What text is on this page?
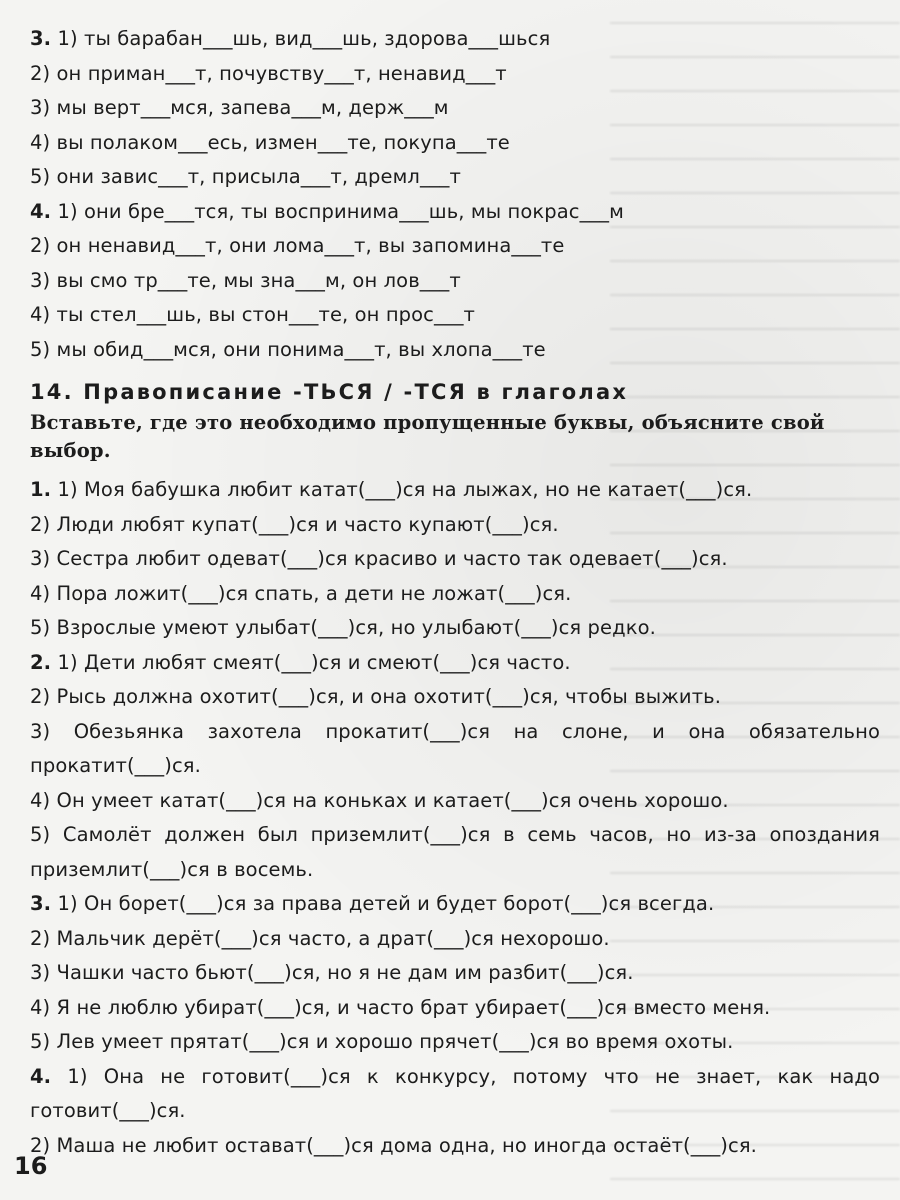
3. 1) ты барабан___шь, вид___шь, здорова___шься
2) он приман___т, почувству___т, ненавид___т
3) мы верт___мся, запева___м, держ___м
4) вы полаком___есь, измен___те, покупа___те
5) они завис___т, присыла___т, дремл___т
4. 1) они бре___тся, ты воспринима___шь, мы покрас___м
2) он ненавид___т, они лома___т, вы запомина___те
3) вы смо тр___те, мы зна___м, он лов___т
4) ты стел___шь, вы стон___те, он прос___т
5) мы обид___мся, они понима___т, вы хлопа___те
14. Правописание -ТЬСЯ / -ТСЯ в глаголах
Вставьте, где это необходимо пропущенные буквы, объясните свой выбор.
1. 1) Моя бабушка любит катат(___)ся на лыжах, но не катает(___)ся.
2) Люди любят купат(___)ся и часто купают(___)ся.
3) Сестра любит одеват(___)ся красиво и часто так одевает(___)ся.
4) Пора ложит(___)ся спать, а дети не ложат(___)ся.
5) Взрослые умеют улыбат(___)ся, но улыбают(___)ся редко.
2. 1) Дети любят смеят(___)ся и смеют(___)ся часто.
2) Рысь должна охотит(___)ся, и она охотит(___)ся, чтобы выжить.
3) Обезьянка захотела прокатит(___)ся на слоне, и она обязательно прокатит(___)ся.
4) Он умеет катат(___)ся на коньках и катает(___)ся очень хорошо.
5) Самолёт должен был приземлит(___)ся в семь часов, но из-за опоздания приземлит(___)ся в восемь.
3. 1) Он борет(___)ся за права детей и будет борот(___)ся всегда.
2) Мальчик дерёт(___)ся часто, а драт(___)ся нехорошо.
3) Чашки часто бьют(___)ся, но я не дам им разбит(___)ся.
4) Я не люблю убират(___)ся, и часто брат убирает(___)ся вместо меня.
5) Лев умеет прятат(___)ся и хорошо прячет(___)ся во время охоты.
4. 1) Она не готовит(___)ся к конкурсу, потому что не знает, как надо готовит(___)ся.
2) Маша не любит остават(___)ся дома одна, но иногда остаёт(___)ся.
16
